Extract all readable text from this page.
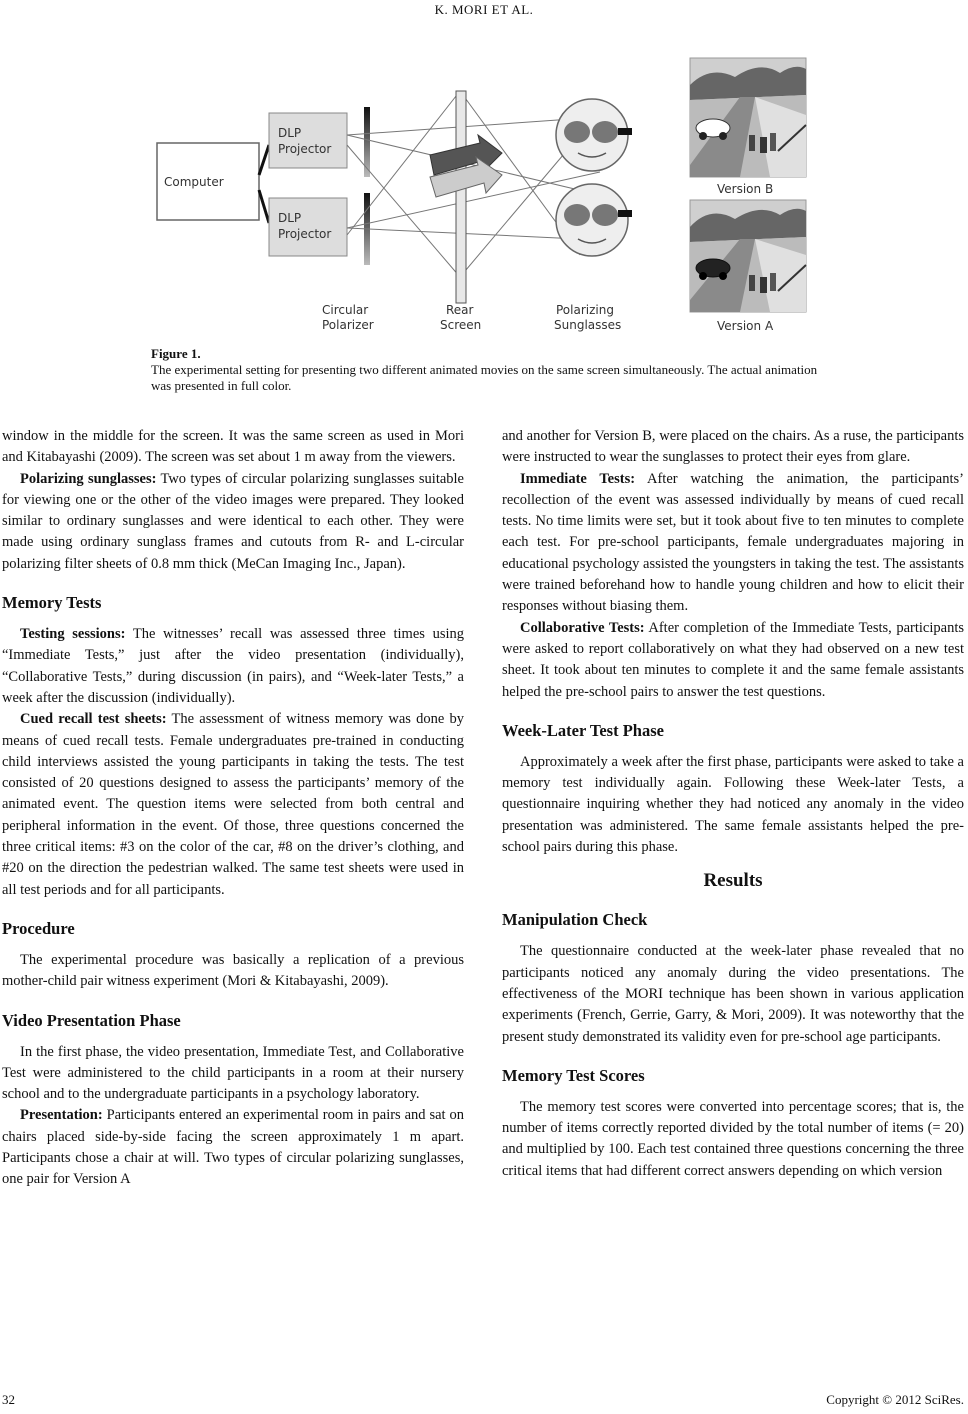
K. MORI ET AL.
Computer
DLP
Projector
DLP
Projector
Circular
Polarizer
Rear
Screen
Polarizing
Sunglasses
Version B
Version A
Figure 1.
The experimental setting for presenting two different animated movies on the same screen simultaneously. The actual animation was presented in full color.

window in the middle for the screen. It was the same screen as used in Mori and Kitabayashi (2009). The screen was set about 1 m away from the viewers.

Polarizing sunglasses: Two types of circular polarizing sunglasses suitable for viewing one or the other of the video images were prepared. They looked similar to ordinary sunglasses and were identical to each other. They were made using ordinary sunglass frames and cutouts from R- and L-circular polarizing filter sheets of 0.8 mm thick (MeCan Imaging Inc., Japan).

Memory Tests

Testing sessions: The witnesses’ recall was assessed three times using “Immediate Tests,” just after the video presentation (individually), “Collaborative Tests,” during discussion (in pairs), and “Week-later Tests,” a week after the discussion (individually).

Cued recall test sheets: The assessment of witness memory was done by means of cued recall tests. Female undergraduates pre-trained in conducting child interviews assisted the young participants in taking the tests. The test consisted of 20 questions designed to assess the participants’ memory of the animated event. The question items were selected from both central and peripheral information in the event. Of those, three questions concerned the three critical items: #3 on the color of the car, #8 on the driver’s clothing, and #20 on the direction the pedestrian walked. The same test sheets were used in all test periods and for all participants.

Procedure

The experimental procedure was basically a replication of a previous mother-child pair witness experiment (Mori & Kitabayashi, 2009).

Video Presentation Phase

In the first phase, the video presentation, Immediate Test, and Collaborative Test were administered to the child participants in a room at their nursery school and to the undergraduate participants in a psychology laboratory.

Presentation: Participants entered an experimental room in pairs and sat on chairs placed side-by-side facing the screen approximately 1 m apart. Participants chose a chair at will. Two types of circular polarizing sunglasses, one pair for Version A

and another for Version B, were placed on the chairs. As a ruse, the participants were instructed to wear the sunglasses to protect their eyes from glare.

Immediate Tests: After watching the animation, the participants’ recollection of the event was assessed individually by means of cued recall tests. No time limits were set, but it took about five to ten minutes to complete each test. For pre-school participants, female undergraduates majoring in educational psychology assisted the youngsters in taking the test. The assistants were trained beforehand how to handle young children and how to elicit their responses without biasing them.

Collaborative Tests: After completion of the Immediate Tests, participants were asked to report collaboratively on what they had observed on a new test sheet. It took about ten minutes to complete it and the same female assistants helped the pre-school pairs to answer the test questions.

Week-Later Test Phase

Approximately a week after the first phase, participants were asked to take a memory test individually again. Following these Week-later Tests, a questionnaire inquiring whether they had noticed any anomaly in the video presentation was administered. The same female assistants helped the pre-school pairs during this phase.

Results
Manipulation Check

The questionnaire conducted at the week-later phase revealed that no participants noticed any anomaly during the video presentations. The effectiveness of the MORI technique has been shown in various application experiments (French, Gerrie, Garry, & Mori, 2009). It was noteworthy that the present study demonstrated its validity even for pre-school age participants.

Memory Test Scores

The memory test scores were converted into percentage scores; that is, the number of items correctly reported divided by the total number of items (= 20) and multiplied by 100. Each test contained three questions concerning the three critical items that had different correct answers depending on which version

32	Copyright © 2012 SciRes.
